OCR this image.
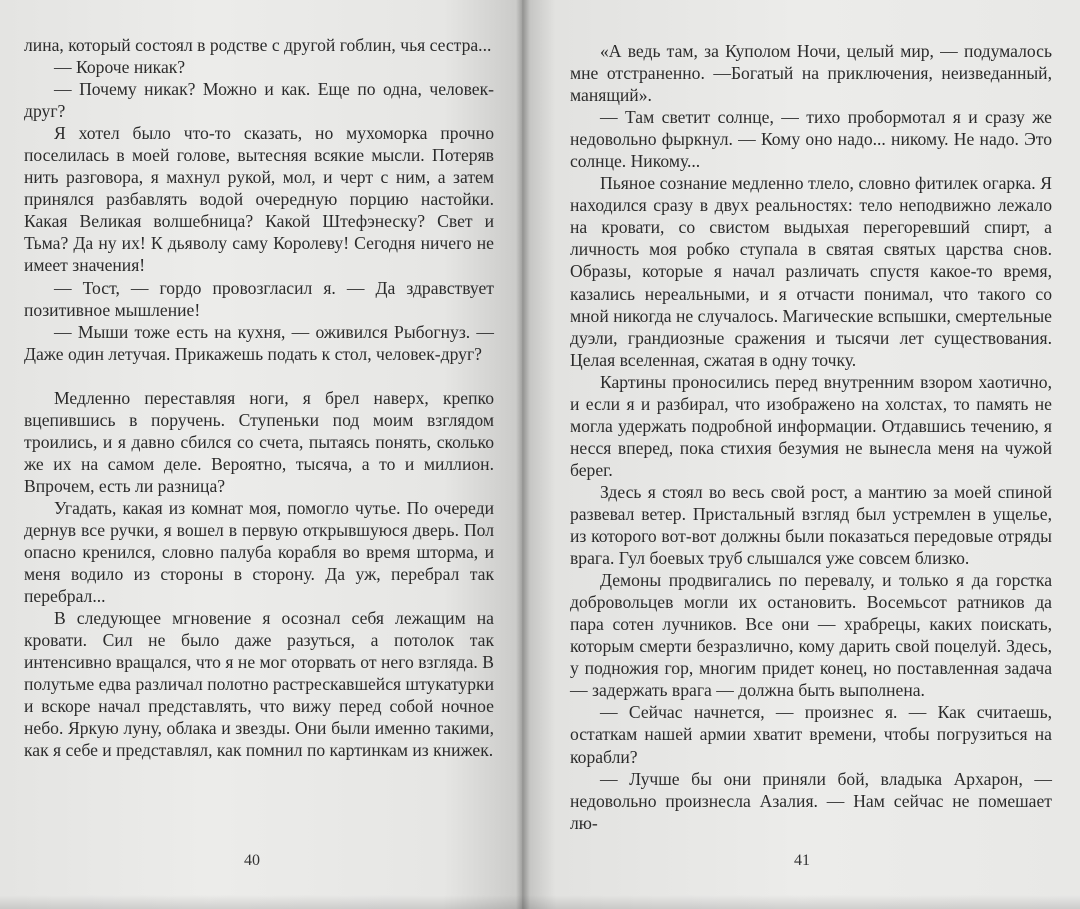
лина, который состоял в родстве с другой гоблин, чья сестра...

— Короче никак?

— Почему никак? Можно и как. Еще по одна, человек-друг?

Я хотел было что-то сказать, но мухоморка прочно поселилась в моей голове, вытесняя всякие мысли. Потеряв нить разговора, я махнул рукой, мол, и черт с ним, а затем принялся разбавлять водой очередную порцию настойки. Какая Великая волшебница? Какой Штефэнеску? Свет и Тьма? Да ну их! К дьяволу саму Королеву! Сегодня ничего не имеет значения!

— Тост, — гордо провозгласил я. — Да здравствует позитивное мышление!

— Мыши тоже есть на кухня, — оживился Рыбогнуз. — Даже один летучая. Прикажешь подать к стол, человек-друг?

Медленно переставляя ноги, я брел наверх, крепко вцепившись в поручень. Ступеньки под моим взглядом троились, и я давно сбился со счета, пытаясь понять, сколько же их на самом деле. Вероятно, тысяча, а то и миллион. Впрочем, есть ли разница?

Угадать, какая из комнат моя, помогло чутье. По очереди дернув все ручки, я вошел в первую открывшуюся дверь. Пол опасно кренился, словно палуба корабля во время шторма, и меня водило из стороны в сторону. Да уж, перебрал так перебрал...

В следующее мгновение я осознал себя лежащим на кровати. Сил не было даже разуться, а потолок так интенсивно вращался, что я не мог оторвать от него взгляда. В полутьме едва различал полотно растрескавшейся штукатурки и вскоре начал представлять, что вижу перед собой ночное небо. Яркую луну, облака и звезды. Они были именно такими, как я себе и представлял, как помнил по картинкам из книжек.

40

«А ведь там, за Куполом Ночи, целый мир, — подумалось мне отстраненно. —Богатый на приключения, неизведанный, манящий».

— Там светит солнце, — тихо пробормотал я и сразу же недовольно фыркнул. — Кому оно надо... никому. Не надо. Это солнце. Никому...

Пьяное сознание медленно тлело, словно фитилек огарка. Я находился сразу в двух реальностях: тело неподвижно лежало на кровати, со свистом выдыхая перегоревший спирт, а личность моя робко ступала в святая святых царства снов. Образы, которые я начал различать спустя какое-то время, казались нереальными, и я отчасти понимал, что такого со мной никогда не случалось. Магические вспышки, смертельные дуэли, грандиозные сражения и тысячи лет существования. Целая вселенная, сжатая в одну точку.

Картины проносились перед внутренним взором хаотично, и если я и разбирал, что изображено на холстах, то память не могла удержать подробной информации. Отдавшись течению, я несся вперед, пока стихия безумия не вынесла меня на чужой берег.

Здесь я стоял во весь свой рост, а мантию за моей спиной развевал ветер. Пристальный взгляд был устремлен в ущелье, из которого вот-вот должны были показаться передовые отряды врага. Гул боевых труб слышался уже совсем близко.

Демоны продвигались по перевалу, и только я да горстка добровольцев могли их остановить. Восемьсот ратников да пара сотен лучников. Все они — храбрецы, каких поискать, которым смерти безразлично, кому дарить свой поцелуй. Здесь, у подножия гор, многим придет конец, но поставленная задача — задержать врага — должна быть выполнена.

— Сейчас начнется, — произнес я. — Как считаешь, остаткам нашей армии хватит времени, чтобы погрузиться на корабли?

— Лучше бы они приняли бой, владыка Архарон, — недовольно произнесла Азалия. — Нам сейчас не помешает лю-

41
